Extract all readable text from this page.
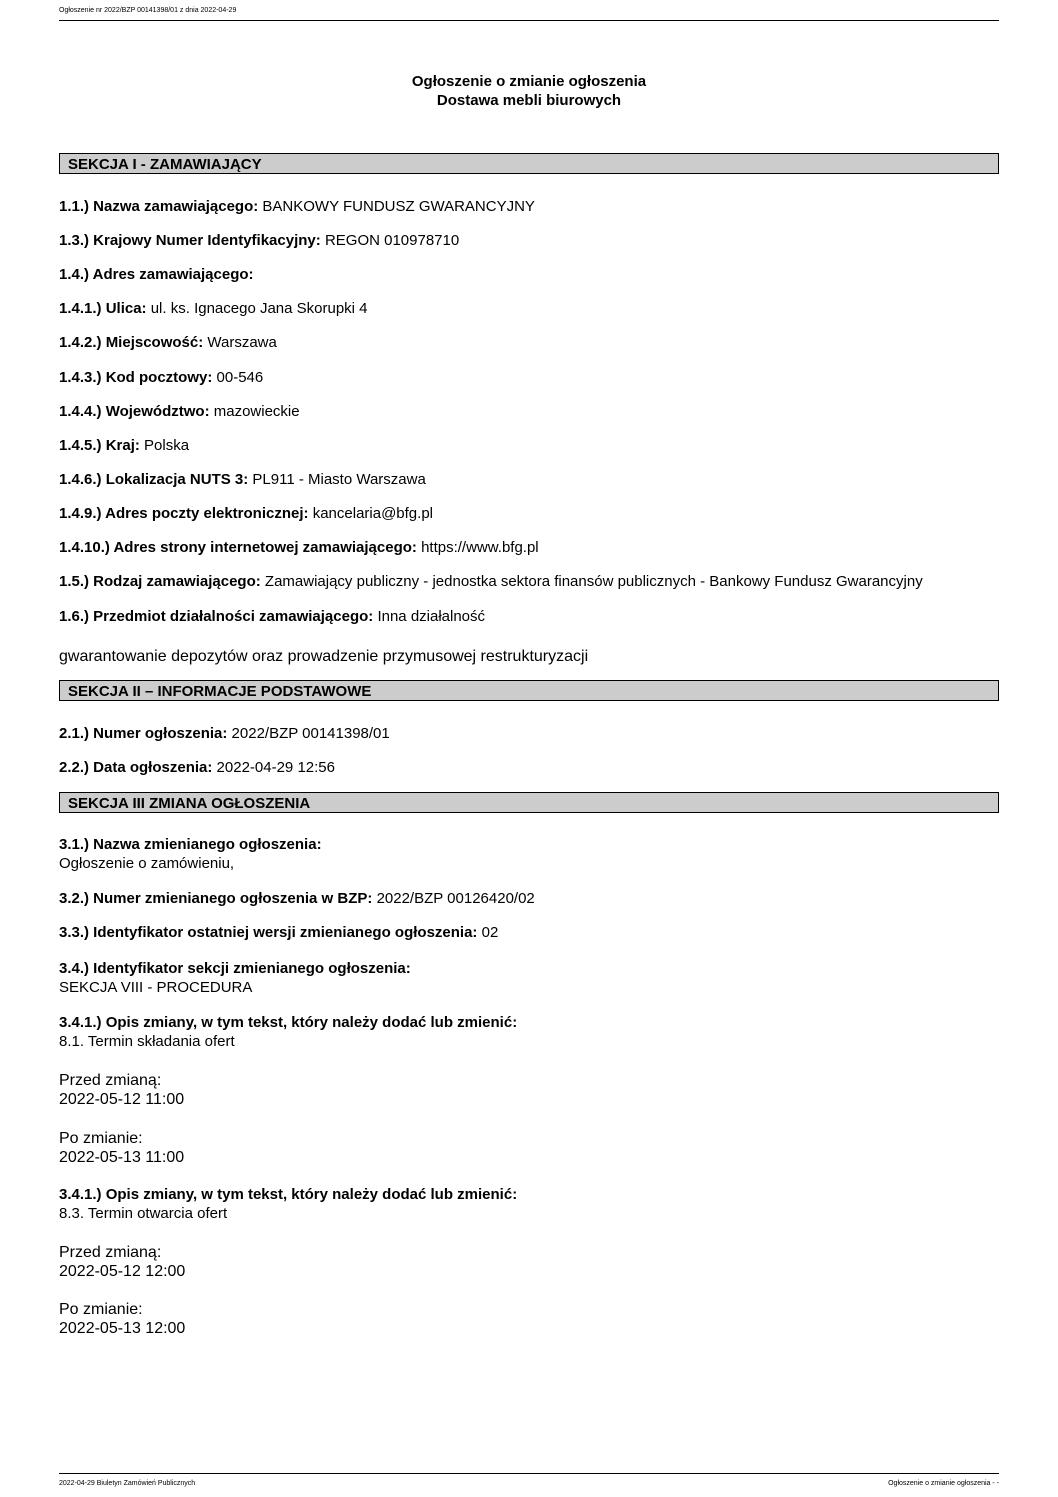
Ogłoszenie nr 2022/BZP 00141398/01 z dnia 2022-04-29
Ogłoszenie o zmianie ogłoszenia
Dostawa mebli biurowych
SEKCJA I - ZAMAWIAJĄCY
1.1.) Nazwa zamawiającego: BANKOWY FUNDUSZ GWARANCYJNY
1.3.) Krajowy Numer Identyfikacyjny: REGON 010978710
1.4.) Adres zamawiającego:
1.4.1.) Ulica: ul. ks. Ignacego Jana Skorupki 4
1.4.2.) Miejscowość: Warszawa
1.4.3.) Kod pocztowy: 00-546
1.4.4.) Województwo: mazowieckie
1.4.5.) Kraj: Polska
1.4.6.) Lokalizacja NUTS 3: PL911 - Miasto Warszawa
1.4.9.) Adres poczty elektronicznej: kancelaria@bfg.pl
1.4.10.) Adres strony internetowej zamawiającego: https://www.bfg.pl
1.5.) Rodzaj zamawiającego: Zamawiający publiczny - jednostka sektora finansów publicznych - Bankowy Fundusz Gwarancyjny
1.6.) Przedmiot działalności zamawiającego: Inna działalność
gwarantowanie depozytów oraz prowadzenie przymusowej restrukturyzacji
SEKCJA II – INFORMACJE PODSTAWOWE
2.1.) Numer ogłoszenia: 2022/BZP 00141398/01
2.2.) Data ogłoszenia: 2022-04-29 12:56
SEKCJA III ZMIANA OGŁOSZENIA
3.1.) Nazwa zmienianego ogłoszenia:
Ogłoszenie o zamówieniu,
3.2.) Numer zmienianego ogłoszenia w BZP: 2022/BZP 00126420/02
3.3.) Identyfikator ostatniej wersji zmienianego ogłoszenia: 02
3.4.) Identyfikator sekcji zmienianego ogłoszenia:
SEKCJA VIII - PROCEDURA
3.4.1.) Opis zmiany, w tym tekst, który należy dodać lub zmienić:
8.1. Termin składania ofert
Przed zmianą:
2022-05-12 11:00
Po zmianie:
2022-05-13 11:00
3.4.1.) Opis zmiany, w tym tekst, który należy dodać lub zmienić:
8.3. Termin otwarcia ofert
Przed zmianą:
2022-05-12 12:00
Po zmianie:
2022-05-13 12:00
2022-04-29 Biuletyn Zamówień Publicznych	Ogłoszenie o zmianie ogłoszenia - -
